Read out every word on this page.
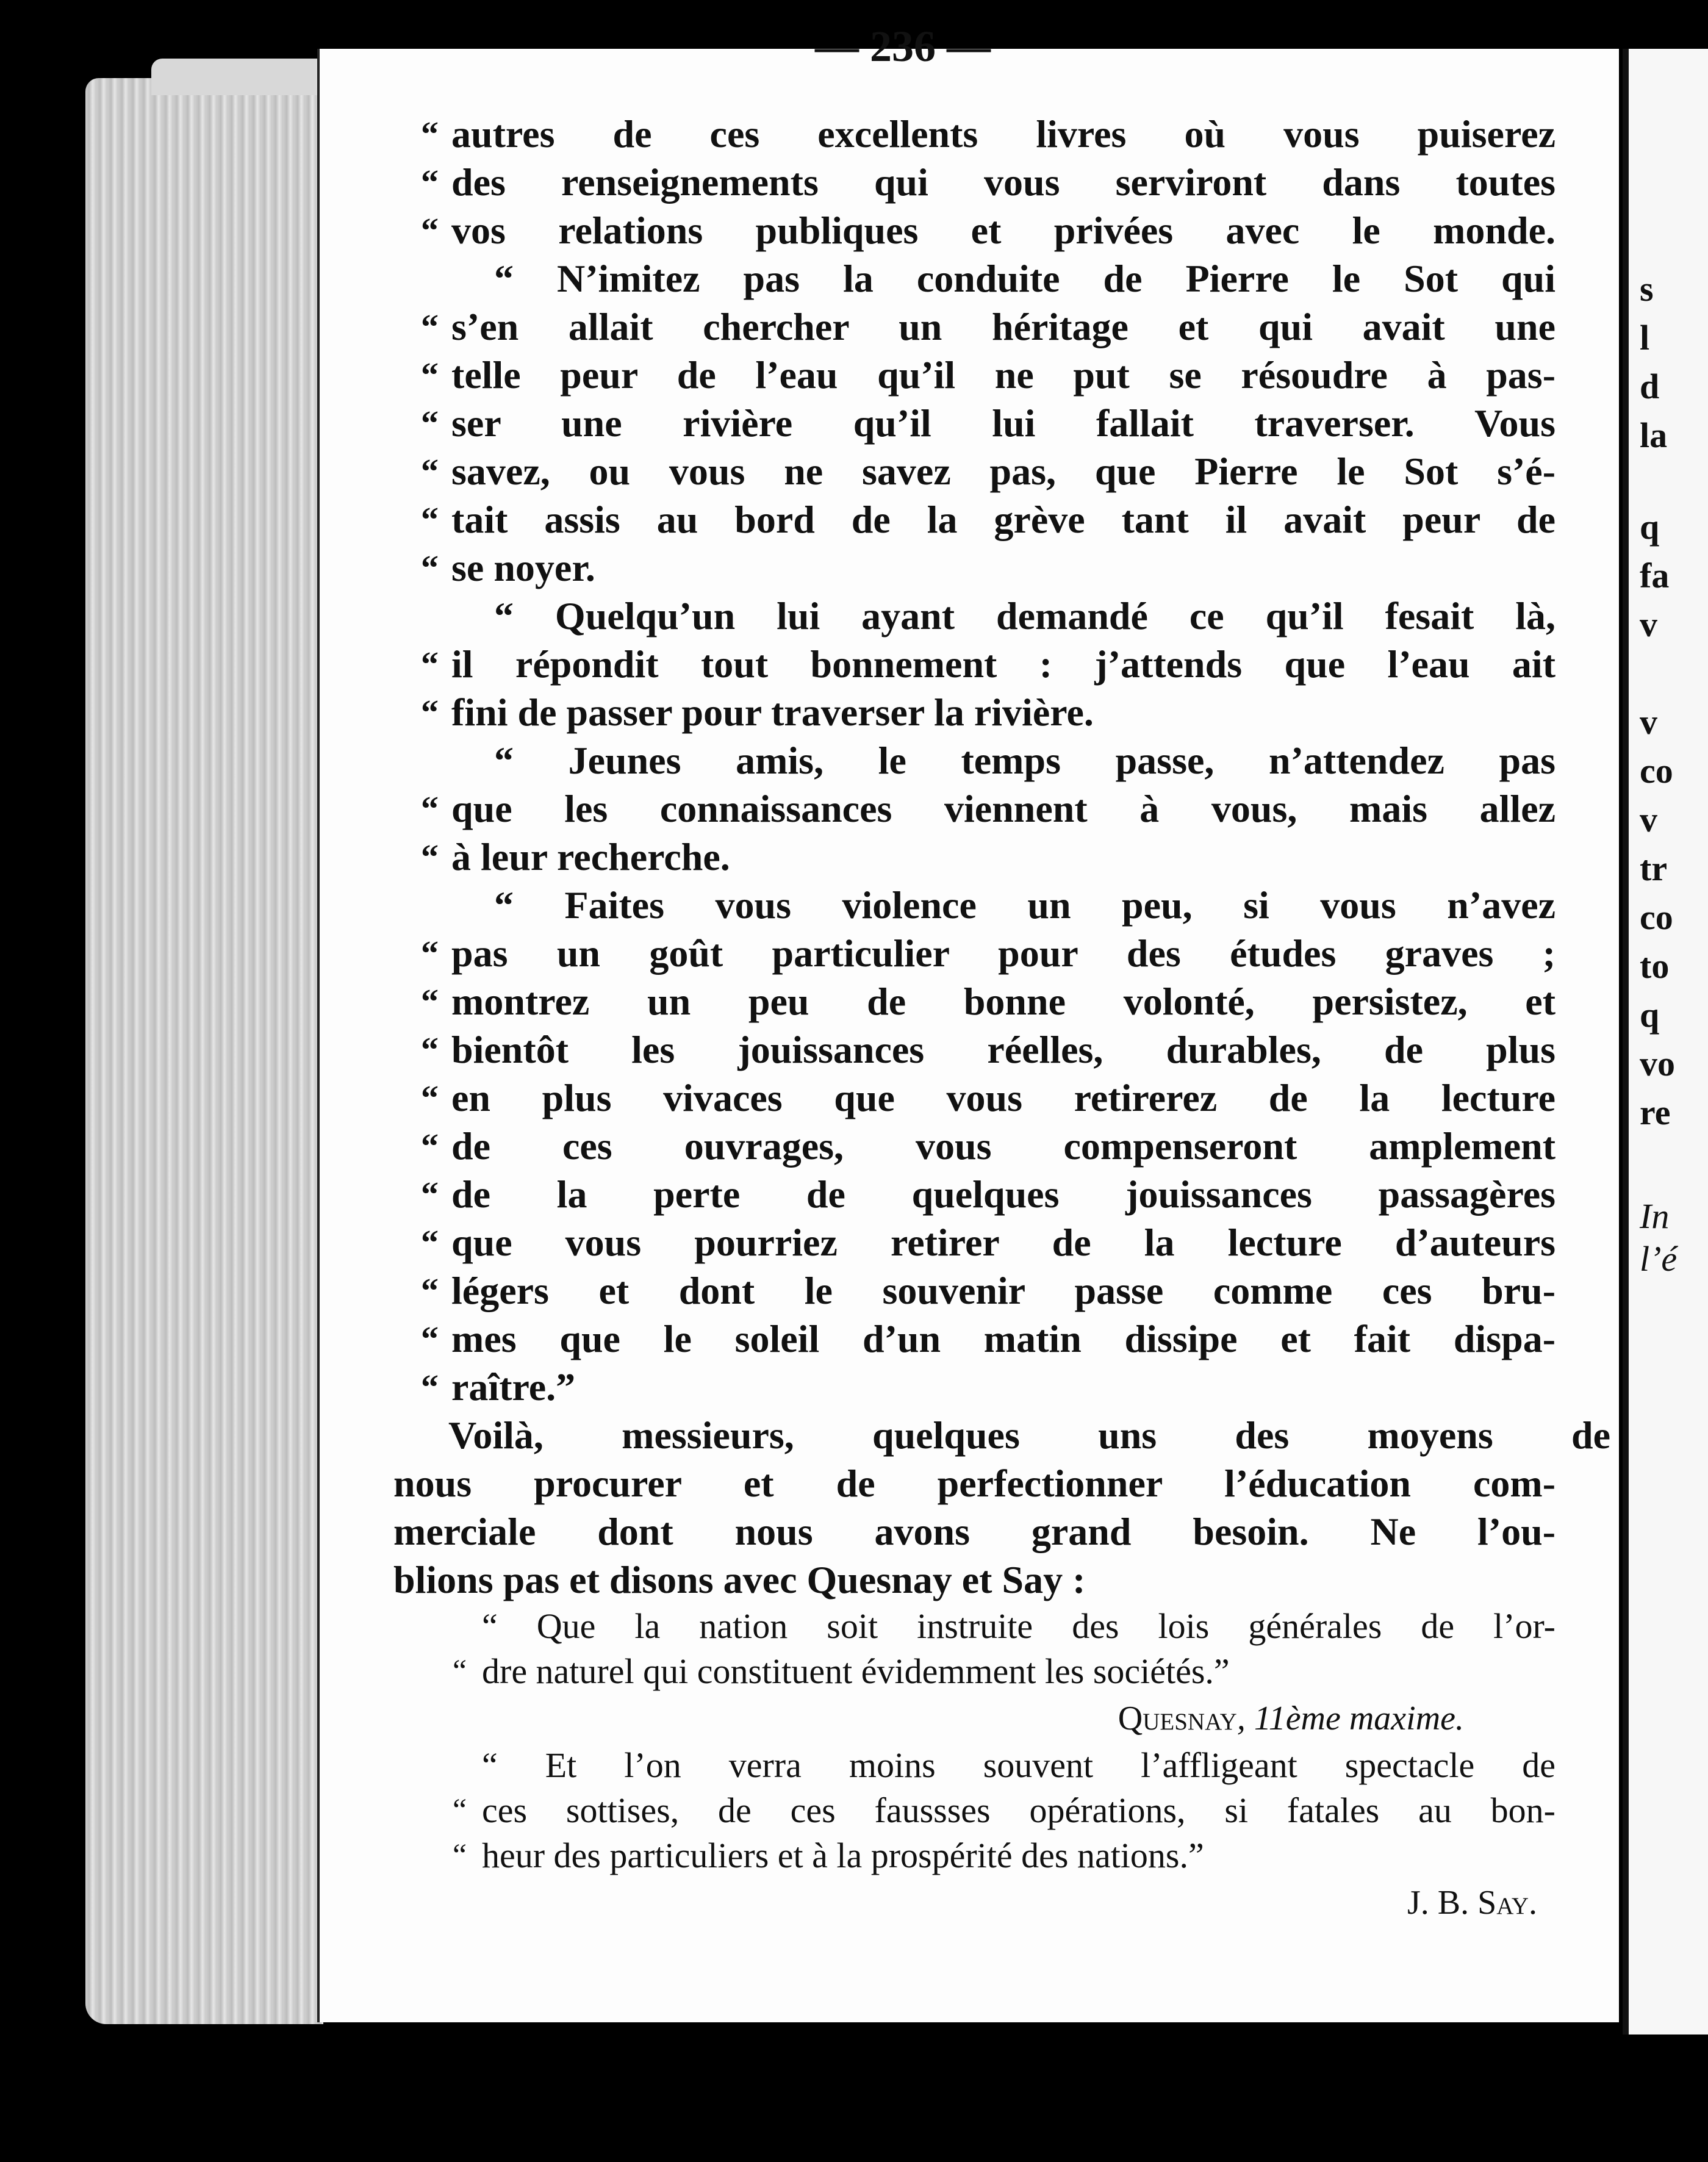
s
l
d
la
q
fa
v
v
co
v
tr
co
to
q
vo
re
In
l’é
— 236 —
“ autres de ces excellents livres où vous puiserez
“ des renseignements qui vous serviront dans toutes
“ vos relations publiques et privées avec le monde.
“ N’imitez pas la conduite de Pierre le Sot qui
“ s’en allait chercher un héritage et qui avait une
“ telle peur de l’eau qu’il ne put se résoudre à pas-
“ ser une rivière qu’il lui fallait traverser. Vous
“ savez, ou vous ne savez pas, que Pierre le Sot s’é-
“ tait assis au bord de la grève tant il avait peur de
“ se noyer.
“ Quelqu’un lui ayant demandé ce qu’il fesait là,
“ il répondit tout bonnement : j’attends que l’eau ait
“ fini de passer pour traverser la rivière.
“ Jeunes amis, le temps passe, n’attendez pas
“ que les connaissances viennent à vous, mais allez
“ à leur recherche.
“ Faites vous violence un peu, si vous n’avez
“ pas un goût particulier pour des études graves ;
“ montrez un peu de bonne volonté, persistez, et
“ bientôt les jouissances réelles, durables, de plus
“ en plus vivaces que vous retirerez de la lecture
“ de ces ouvrages, vous compenseront amplement
“ de la perte de quelques jouissances passagères
“ que vous pourriez retirer de la lecture d’auteurs
“ légers et dont le souvenir passe comme ces bru-
“ mes que le soleil d’un matin dissipe et fait dispa-
“ raître.”
Voilà, messieurs, quelques uns des moyens de
nous procurer et de perfectionner l’éducation com-
merciale dont nous avons grand besoin. Ne l’ou-
blions pas et disons avec Quesnay et Say :
“ Que la nation soit instruite des lois générales de l’or-
“ dre naturel qui constituent évidemment les sociétés.”
Quesnay, 11ème maxime.
“ Et l’on verra moins souvent l’affligeant spectacle de
“ ces sottises, de ces faussses opérations, si fatales au bon-
“ heur des particuliers et à la prospérité des nations.”
J. B. Say.
